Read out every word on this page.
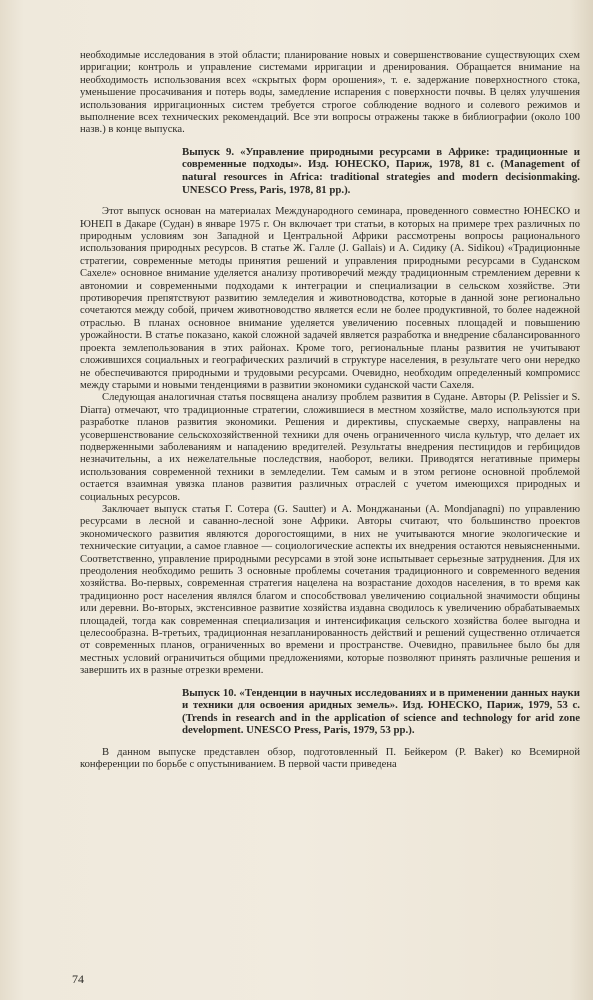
необходимые исследования в этой области; планирование новых и совершенствование существующих схем ирригации; контроль и управление системами ирригации и дренирования. Обращается внимание на необходимость использования всех «скрытых форм орошения», т. е. задержание поверхностного стока, уменьшение просачивания и потерь воды, замедление испарения с поверхности почвы. В целях улучшения использования ирригационных систем требуется строгое соблюдение водного и солевого режимов и выполнение всех технических рекомендаций. Все эти вопросы отражены также в библиографии (около 100 назв.) в конце выпуска.

Выпуск 9. «Управление природными ресурсами в Африке: традиционные и современные подходы». Изд. ЮНЕСКО, Париж, 1978, 81 с. (Management of natural resources in Africa: traditional strategies and modern decisionmaking. UNESCO Press, Paris, 1978, 81 pp.).

Этот выпуск основан на материалах Международного семинара, проведенного совместно ЮНЕСКО и ЮНЕП в Дакаре (Судан) в январе 1975 г. Он включает три статьи, в которых на примере трех различных по природным условиям зон Западной и Центральной Африки рассмотрены вопросы рационального использования природных ресурсов. В статье Ж. Галле (J. Gallais) и А. Сидику (A. Sidikou) «Традиционные стратегии, современные методы принятия решений и управления природными ресурсами в Суданском Сахеле» основное внимание уделяется анализу противоречий между традиционным стремлением деревни к автономии и современными подходами к интеграции и специализации в сельском хозяйстве. Эти противоречия препятствуют развитию земледелия и животноводства, которые в данной зоне регионально сочетаются между собой, причем животноводство является если не более продуктивной, то более надежной отраслью. В планах основное внимание уделяется увеличению посевных площадей и повышению урожайности. В статье показано, какой сложной задачей является разработка и внедрение сбалансированного проекта землепользования в этих районах. Кроме того, региональные планы развития не учитывают сложившихся социальных и географических различий в структуре населения, в результате чего они нередко не обеспечиваются природными и трудовыми ресурсами. Очевидно, необходим определенный компромисс между старыми и новыми тенденциями в развитии экономики суданской части Сахеля.

Следующая аналогичная статья посвящена анализу проблем развития в Судане. Авторы (P. Pelissier и S. Diarra) отмечают, что традиционные стратегии, сложившиеся в местном хозяйстве, мало используются при разработке планов развития экономики. Решения и директивы, спускаемые сверху, направлены на усовершенствование сельскохозяйственной техники для очень ограниченного числа культур, что делает их подверженными заболеваниям и нападению вредителей. Результаты внедрения пестицидов и гербицидов незначительны, а их нежелательные последствия, наоборот, велики. Приводятся негативные примеры использования современной техники в земледелии. Тем самым и в этом регионе основной проблемой остается взаимная увязка планов развития различных отраслей с учетом имеющихся природных и социальных ресурсов.

Заключает выпуск статья Г. Сотера (G. Sautter) и А. Монджананьи (A. Mondjanagni) по управлению ресурсами в лесной и саванно-лесной зоне Африки. Авторы считают, что большинство проектов экономического развития являются дорогостоящими, в них не учитываются многие экологические и технические ситуации, а самое главное — социологические аспекты их внедрения остаются невыясненными. Соответственно, управление природными ресурсами в этой зоне испытывает серьезные затруднения. Для их преодоления необходимо решить 3 основные проблемы сочетания традиционного и современного ведения хозяйства. Во-первых, современная стратегия нацелена на возрастание доходов населения, в то время как традиционно рост населения являлся благом и способствовал увеличению социальной значимости общины или деревни. Во-вторых, экстенсивное развитие хозяйства издавна сводилось к увеличению обрабатываемых площадей, тогда как современная специализация и интенсификация сельского хозяйства более выгодна и целесообразна. В-третьих, традиционная незапланированность действий и решений существенно отличается от современных планов, ограниченных во времени и пространстве. Очевидно, правильнее было бы для местных условий ограничиться общими предложениями, которые позволяют принять различные решения и завершить их в разные отрезки времени.

Выпуск 10. «Тенденции в научных исследованиях и в применении данных науки и техники для освоения аридных земель». Изд. ЮНЕСКО, Париж, 1979, 53 с. (Trends in research and in the application of science and technology for arid zone development. UNESCO Press, Paris, 1979, 53 pp.).

В данном выпуске представлен обзор, подготовленный П. Бейкером (P. Baker) ко Всемирной конференции по борьбе с опустыниванием. В первой части приведена

74
